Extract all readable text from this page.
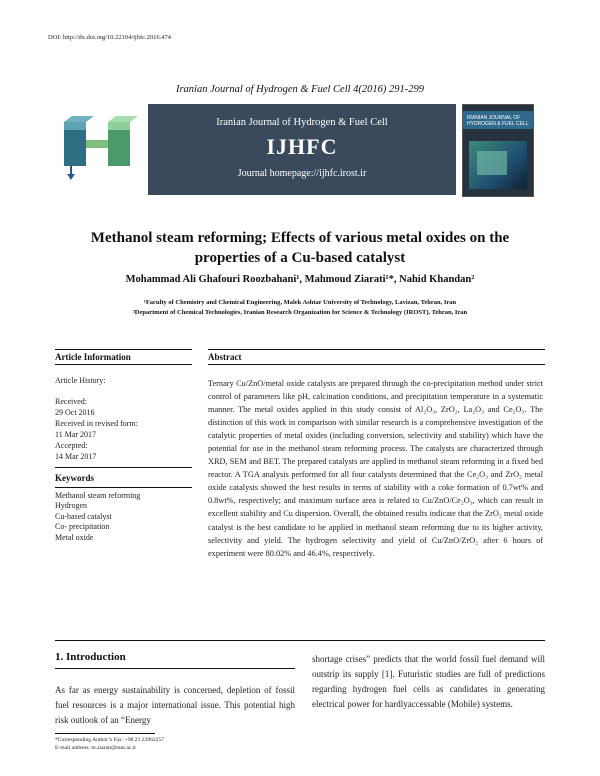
DOI: http://dx.doi.org/10.22104/ijhfc.2016.474
Iranian Journal of Hydrogen & Fuel Cell 4(2016) 291-299
Iranian Journal of Hydrogen & Fuel Cell
IJHFC
Journal homepage://ijhfc.irost.ir
IRANIAN JOURNAL OF HYDROGEN & FUEL CELL
Methanol steam reforming; Effects of various metal oxides on the properties of a Cu-based catalyst
Mohammad Ali Ghafouri Roozbahani¹, Mahmoud Ziarati¹*, Nahid Khandan²
¹Faculty of Chemistry and Chemical Engineering, Malek Ashtar University of Technology, Lavizan, Tehran, Iran
²Department of Chemical Technologies, Iranian Research Organization for Science & Technology (IROST), Tehran, Iran
Article Information	Abstract
Article History:
Received:
29 Oct 2016
Received in revised form:
11 Mar 2017
Accepted:
14 Mar 2017
Keywords
Methanol steam reforming
Hydrogen
Cu-based catalyst
Co- precipitation
Metal oxide
Ternary Cu/ZnO/metal oxide catalysts are prepared through the co-precipitation method under strict control of parameters like pH, calcination conditions, and precipitation temperature in a systematic manner. The metal oxides applied in this study consist of Al₂O₃, ZrO₂, La₂O₃ and Ce₂O₃. The distinction of this work in comparison with similar research is a comprehensive investigation of the catalytic properties of metal oxides (including conversion, selectivity and stability) which have the potential for use in the methanol steam reforming process. The catalysts are characterized through XRD, SEM and BET. The prepared catalysts are applied in methanol steam reforming in a fixed bed reactor. A TGA analysis performed for all four catalysts determined that the Ce₂O₃ and ZrO₂ metal oxide catalysts showed the best results in terms of stability with a coke formation of 0.7wt% and 0.8wt%, respectively; and maximum surface area is related to Cu/ZnO/Ce₂O₃, which can result in excellent stability and Cu dispersion. Overall, the obtained results indicate that the ZrO₂ metal oxide catalyst is the best candidate to be applied in methanol steam reforming due to its higher activity, selectivity and yield. The hydrogen selectivity and yield of Cu/ZnO/ZrO₂ after 6 hours of experiment were 80.02% and 46.4%, respectively.
1. Introduction
As far as energy sustainability is concerned, depletion of fossil fuel resources is a major international issue. This potential high risk outlook of an “Energy
shortage crises” predicts that the world fossil fuel demand will outstrip its supply [1]. Futuristic studies are full of predictions regarding hydrogen fuel cells as candidates in generating electrical power for hardlyaccessable (Mobile) systems.
*Corresponding Author’s Fax: +98 21 22962257
E-mail address: m.ziarati@mut.ac.ir
